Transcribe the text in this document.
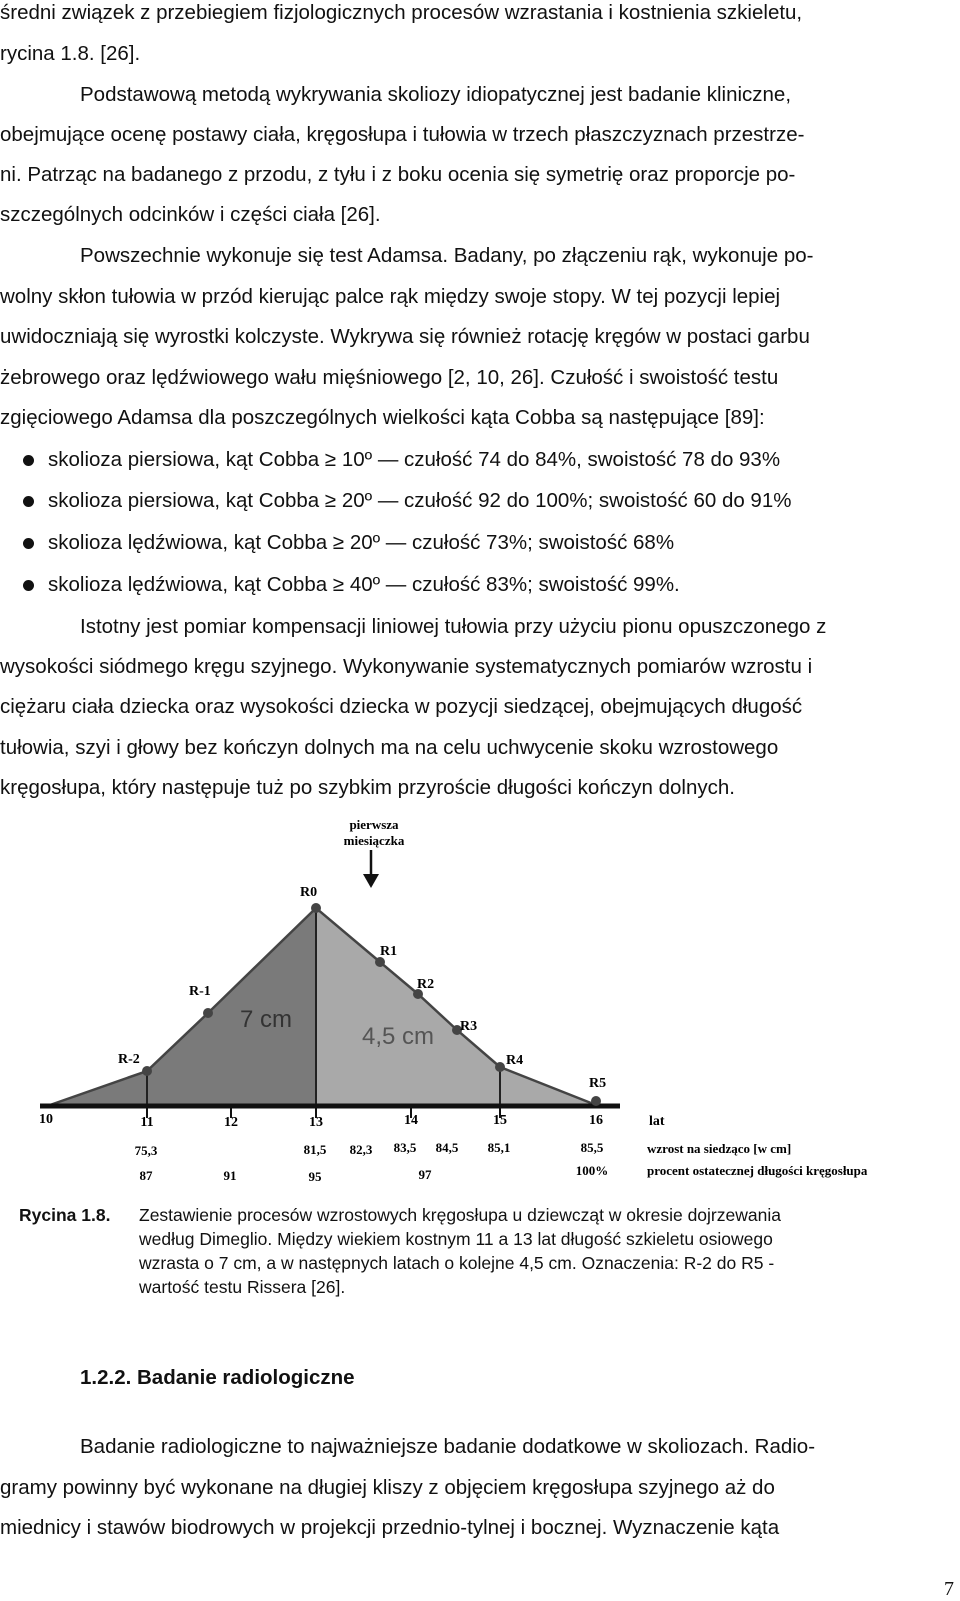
średni związek z przebiegiem fizjologicznych procesów wzrastania i kostnienia szkieletu,
rycina 1.8. [26].
Podstawową metodą wykrywania skoliozy idiopatycznej jest badanie kliniczne,
obejmujące ocenę postawy ciała, kręgosłupa i tułowia w trzech płaszczyznach przestrze-
ni. Patrząc na badanego z przodu, z tyłu i z boku ocenia się symetrię oraz proporcje po-
szczególnych odcinków i części ciała [26].
Powszechnie wykonuje się test Adamsa. Badany, po złączeniu rąk, wykonuje po-
wolny skłon tułowia w przód kierując palce rąk między swoje stopy. W tej pozycji lepiej
uwidoczniają się wyrostki kolczyste. Wykrywa się również rotację kręgów w postaci garbu
żebrowego oraz lędźwiowego wału mięśniowego [2, 10, 26]. Czułość i swoistość testu
zgięciowego Adamsa dla poszczególnych wielkości kąta Cobba są następujące [89]:
skolioza piersiowa, kąt Cobba ≥ 10º — czułość 74 do 84%, swoistość 78 do 93%
skolioza piersiowa, kąt Cobba ≥ 20º — czułość 92 do 100%; swoistość 60 do 91%
skolioza lędźwiowa, kąt Cobba ≥ 20º — czułość 73%; swoistość 68%
skolioza lędźwiowa, kąt Cobba ≥ 40º — czułość 83%; swoistość 99%.
Istotny jest pomiar kompensacji liniowej tułowia przy użyciu pionu opuszczonego z
wysokości siódmego kręgu szyjnego. Wykonywanie systematycznych pomiarów wzrostu i
ciężaru ciała dziecka oraz wysokości dziecka w pozycji siedzącej, obejmujących długość
tułowia, szyi i głowy bez kończyn dolnych ma na celu uchwycenie skoku wzrostowego
kręgosłupa, który następuje tuż po szybkim przyroście długości kończyn dolnych.
pierwsza
miesiączka
R-2
R-1
R0
R1
R2
R3
R4
R5
7 cm
4,5 cm
10	11	12	13	14	15	16	lat
75,3	81,5 82,3 83,5 84,5 85,1	85,5	wzrost na siedząco [w cm]
87	91	95	97	100%	procent ostatecznej długości kręgosłupa
Rycina 1.8. Zestawienie procesów wzrostowych kręgosłupa u dziewcząt w okresie dojrzewania
według Dimeglio. Między wiekiem kostnym 11 a 13 lat długość szkieletu osiowego
wzrasta o 7 cm, a w następnych latach o kolejne 4,5 cm. Oznaczenia: R-2 do R5 -
wartość testu Rissera [26].
1.2.2. Badanie radiologiczne
Badanie radiologiczne to najważniejsze badanie dodatkowe w skoliozach. Radio-
gramy powinny być wykonane na długiej kliszy z objęciem kręgosłupa szyjnego aż do
miednicy i stawów biodrowych w projekcji przednio-tylnej i bocznej. Wyznaczenie kąta
7
